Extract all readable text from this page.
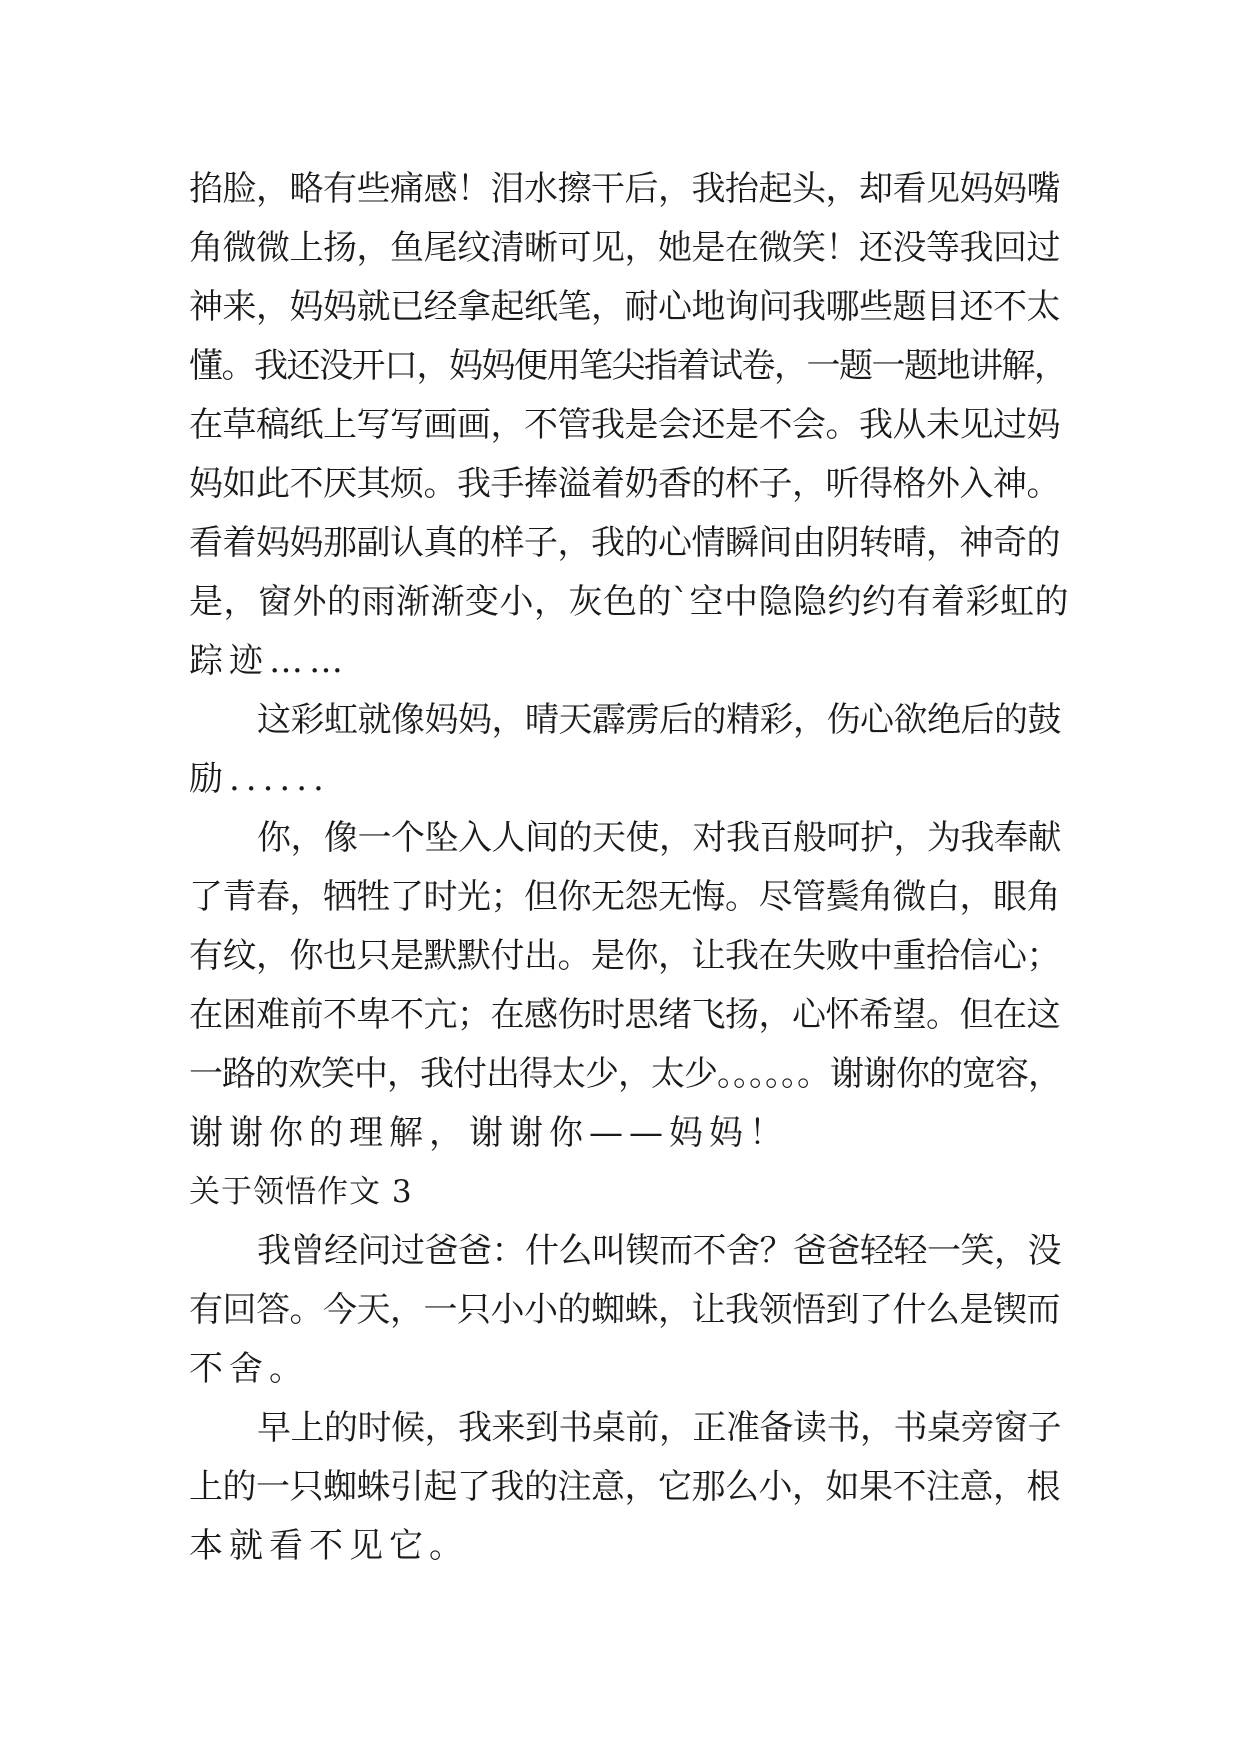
掐脸，略有些痛感！泪水擦干后，我抬起头，却看见妈妈嘴
角微微上扬，鱼尾纹清晰可见，她是在微笑！还没等我回过
神来，妈妈就已经拿起纸笔，耐心地询问我哪些题目还不太
懂。我还没开口，妈妈便用笔尖指着试卷，一题一题地讲解，
在草稿纸上写写画画，不管我是会还是不会。我从未见过妈
妈如此不厌其烦。我手捧溢着奶香的杯子，听得格外入神。
看着妈妈那副认真的样子，我的心情瞬间由阴转晴，神奇的
是，窗外的雨渐渐变小，灰色的`空中隐隐约约有着彩虹的
踪迹……
这彩虹就像妈妈，晴天霹雳后的精彩，伤心欲绝后的鼓
励......
你，像一个坠入人间的天使，对我百般呵护，为我奉献
了青春，牺牲了时光；但你无怨无悔。尽管鬓角微白，眼角
有纹，你也只是默默付出。是你，让我在失败中重拾信心；
在困难前不卑不亢；在感伤时思绪飞扬，心怀希望。但在这
一路的欢笑中，我付出得太少，太少。。。。。。谢谢你的宽容，
谢谢你的理解，谢谢你——妈妈！
关于领悟作文 3
我曾经问过爸爸：什么叫锲而不舍？爸爸轻轻一笑，没
有回答。今天，一只小小的蜘蛛，让我领悟到了什么是锲而
不舍。
早上的时候，我来到书桌前，正准备读书，书桌旁窗子
上的一只蜘蛛引起了我的注意，它那么小，如果不注意，根
本就看不见它。
